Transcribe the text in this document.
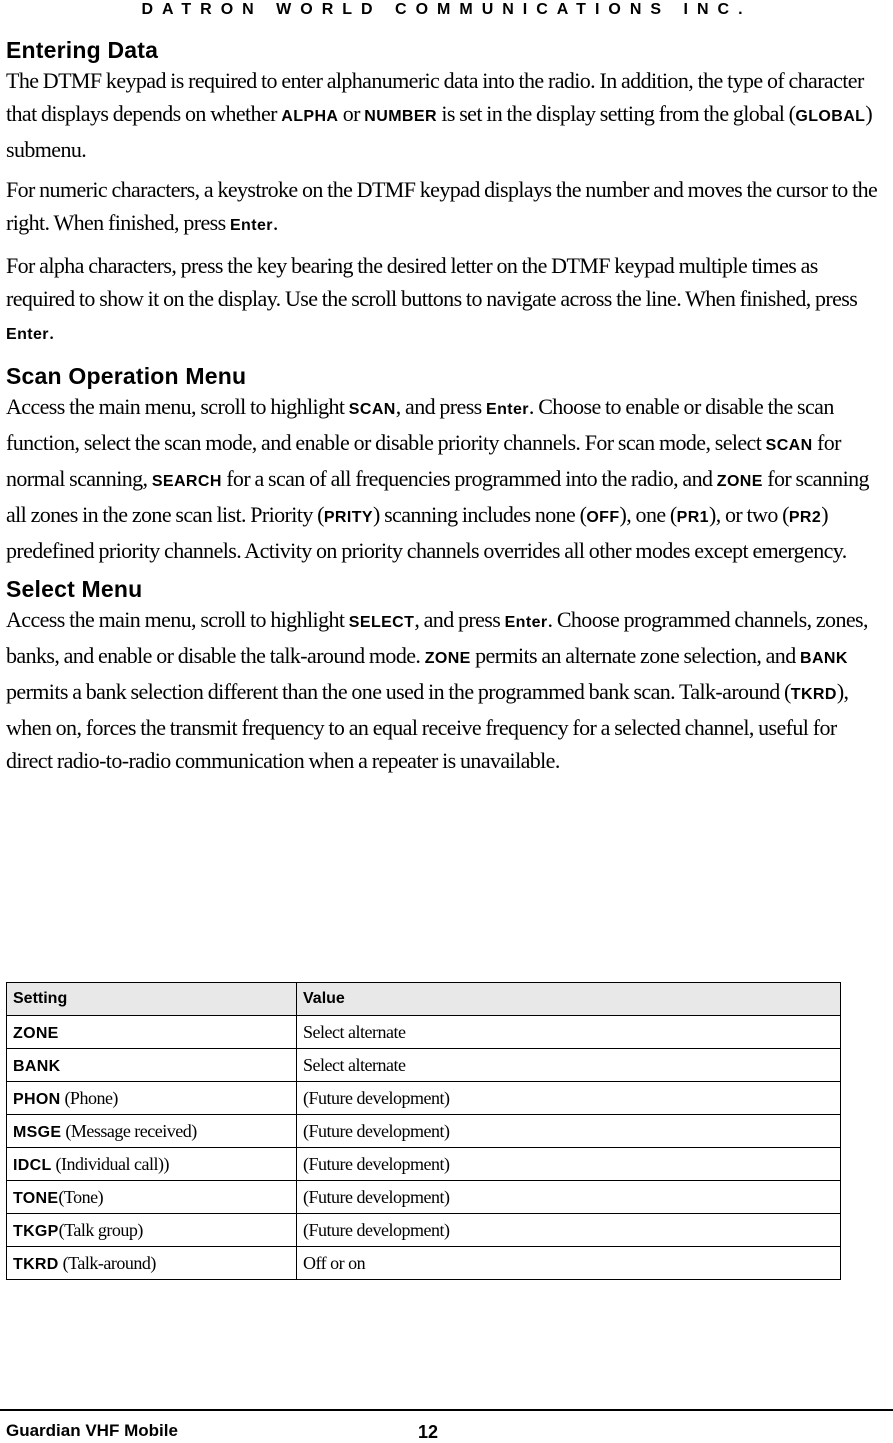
DATRON WORLD COMMUNICATIONS INC.
Entering Data

The DTMF keypad is required to enter alphanumeric data into the radio. In addition, the type of character that displays depends on whether ALPHA or NUMBER is set in the display setting from the global (GLOBAL) submenu.

For numeric characters, a keystroke on the DTMF keypad displays the number and moves the cursor to the right. When finished, press Enter.

For alpha characters, press the key bearing the desired letter on the DTMF keypad multiple times as required to show it on the display. Use the scroll buttons to navigate across the line. When finished, press Enter.

Scan Operation Menu

Access the main menu, scroll to highlight SCAN, and press Enter. Choose to enable or disable the scan function, select the scan mode, and enable or disable priority channels. For scan mode, select SCAN for normal scanning, SEARCH for a scan of all frequencies programmed into the radio, and ZONE for scanning all zones in the zone scan list. Priority (PRITY) scanning includes none (OFF), one (PR1), or two (PR2) predefined priority channels. Activity on priority channels overrides all other modes except emergency.

Select Menu

Access the main menu, scroll to highlight SELECT, and press Enter. Choose programmed channels, zones, banks, and enable or disable the talk-around mode. ZONE permits an alternate zone selection, and BANK permits a bank selection different than the one used in the programmed bank scan. Talk-around (TKRD), when on, forces the transmit frequency to an equal receive frequency for a selected channel, useful for direct radio-to-radio communication when a repeater is unavailable.

Setting	Value
ZONE	Select alternate
BANK	Select alternate
PHON (Phone)	(Future development)
MSGE (Message received)	(Future development)
IDCL (Individual call))	(Future development)
TONE(Tone)	(Future development)
TKGP(Talk group)	(Future development)
TKRD (Talk-around)	Off or on
Guardian VHF Mobile	12
